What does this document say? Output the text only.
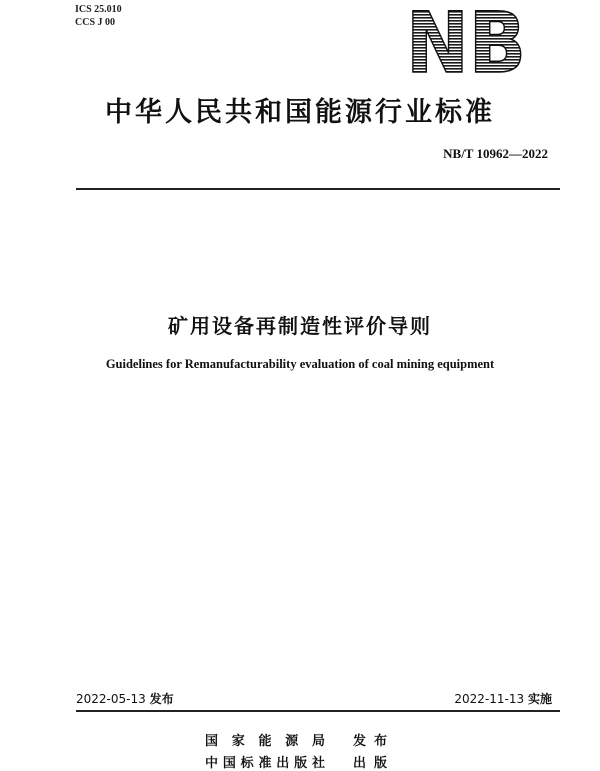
ICS 25.010
CCS J 00	NB
中华人民共和国能源行业标准
NB/T 10962—2022
矿用设备再制造性评价导则
Guidelines for Remanufacturability evaluation of coal mining equipment
2022-05-13 发布	2022-11-13 实施
国家能源局 发布
中国标准出版社 出版
